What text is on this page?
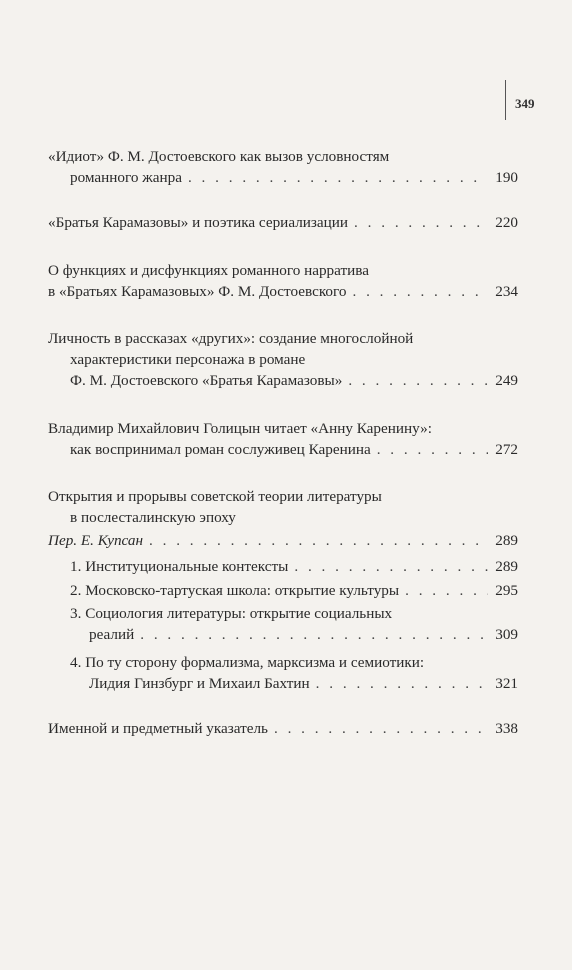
349
«Идиот» Ф. М. Достоевского как вызов условностям
романного жанра . . .	190
«Братья Карамазовы» и поэтика сериализации . . .	220
О функциях и дисфункциях романного нарратива
в «Братьях Карамазовых» Ф. М. Достоевского . . .	234
Личность в рассказах «других»: создание многослойной
характеристики персонажа в романе
Ф. М. Достоевского «Братья Карамазовы» . . .	249
Владимир Михайлович Голицын читает «Анну Каренину»:
как воспринимал роман сослуживец Каренина . . .	272
Открытия и прорывы советской теории литературы
в послесталинскую эпоху
Пер. Е. Купсан . . .	289
1. Институциональные контексты . . .	289
2. Московско-тартуская школа: открытие культуры . . .	295
3. Социология литературы: открытие социальных
реалий . . .	309
4. По ту сторону формализма, марксизма и семиотики:
Лидия Гинзбург и Михаил Бахтин . . .	321
Именной и предметный указатель . . .	338
